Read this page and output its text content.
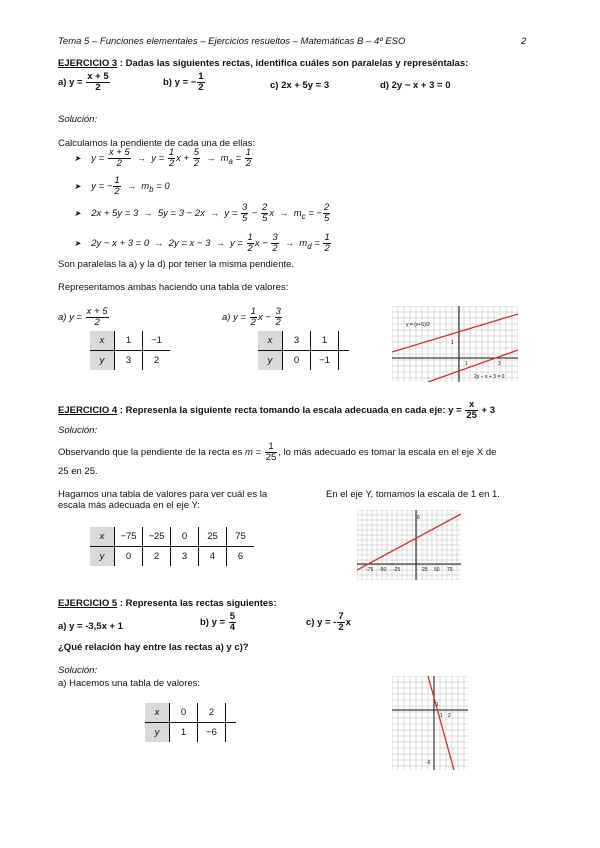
Tema 5 – Funciones elementales – Ejercicios resueltos – Matemáticas B – 4º ESO	2
EJERCICIO 3 : Dadas las siguientes rectas, identifica cuáles son paralelas y represéntalas:
a) $y = \frac{x + 5}{2}$	b) y = − $\frac{1}{2}$	c) 2x + 5y = 3	d) 2y − x + 3 = 0
Solución:
Calculamos la pendiente de cada una de ellas:
➤ $y = \frac{x + 5}{2} \to y = \frac{1}{2}$ $x + \frac{5}{2} \to m_a = \frac{1}{2}$
➤ y = − $\frac{1}{2} \to m_b = 0$
➤ $2x + 5y = 3 \to 5y = 3 - 2x \to y = \frac{3}{5} - \frac{2}{5}$ $x \to m_c$ = − $\frac{2}{5}$
➤ $2y - x + 3 = 0 \to 2y = x - 3 \to y = \frac{1}{2}$ $x - \frac{3}{2} \to m_d = \frac{1}{2}$
Son paralelas la a) y la d) por tener la misma pendiente.
Representamos ambas haciendo una tabla de valores:
a) $y = \frac{x + 5}{2}$
x	1	−1
y	3	2
a) $y = \frac{1}{2}$ $x - \frac{3}{2}$
x	3	1	
y	0	−1	
y = (x+5)/2
2y − x + 3 = 0
1
1	3
EJERCICIO 4 : Represenla la siguiente recta tomando la escala adecuada en cada eje: $y = \frac{x}{25} + 3$
Solución:
Observando que la pendiente de la recta es $m = \frac{1}{25}$ , lo más adecuado es tomar la escala en el eje X de
25 en 25.
Hagamos una tabla de valores para ver cuál es la
escala más adecuada en el eje Y:
En el eje Y, tomamos la escala de 1 en 1.
x	−75	−25	0	25	75
y	0	2	3	4	6
-75 -50 -25	25 50 75
6
EJERCICIO 5 : Representa las rectas siguientes:
a) y = -3,5x + 1	b) $y = \frac{5}{4}$	c) y = - $\frac{7}{2}$ x
¿Qué relación hay entre las rectas a) y c)?
Solución:
a) Hacemos una tabla de valores:
x	0	2	
y	1	−6	
1
1 2
-6
